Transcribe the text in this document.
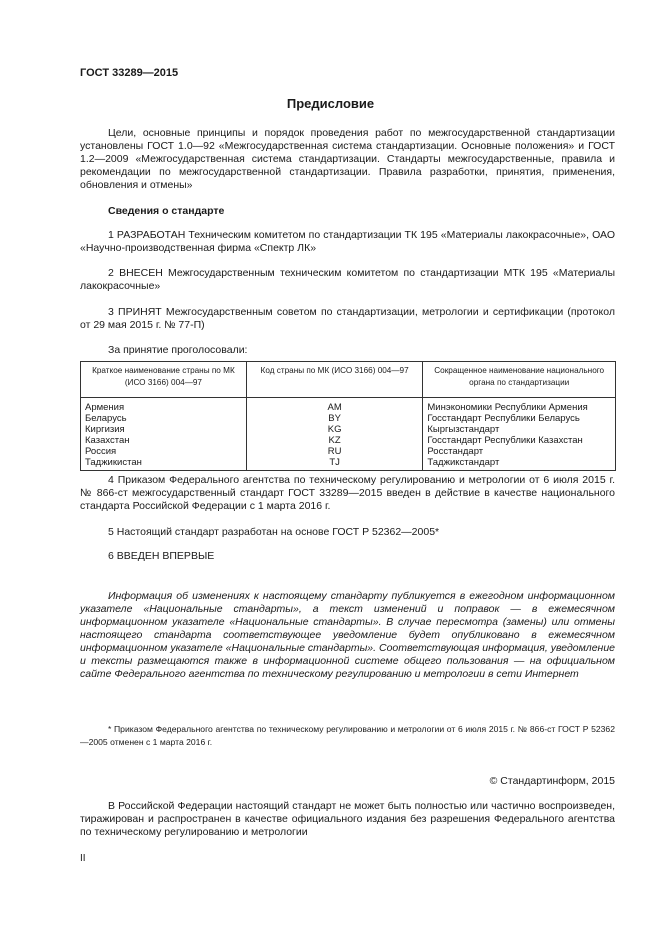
ГОСТ 33289—2015
Предисловие

Цели, основные принципы и порядок проведения работ по межгосударственной стандартизации установлены ГОСТ 1.0—92 «Межгосударственная система стандартизации. Основные положения» и ГОСТ 1.2—2009 «Межгосударственная система стандартизации. Стандарты межгосударственные, правила и рекомендации по межгосударственной стандартизации. Правила разработки, принятия, применения, обновления и отмены»

Сведения о стандарте

1 РАЗРАБОТАН Техническим комитетом по стандартизации ТК 195 «Материалы лакокрасочные», ОАО «Научно-производственная фирма «Спектр ЛК»

2 ВНЕСЕН Межгосударственным техническим комитетом по стандартизации МТК 195 «Материалы лакокрасочные»

3 ПРИНЯТ Межгосударственным советом по стандартизации, метрологии и сертификации (протокол от 29 мая 2015 г. № 77-П)

За принятие проголосовали:

Краткое наименование страны по МК (ИСО 3166) 004—97	Код страны по МК (ИСО 3166) 004—97	Сокращенное наименование национального органа по стандартизации
Армения	AM	Минэкономики Республики Армения
Беларусь	BY	Госстандарт Республики Беларусь
Киргизия	KG	Кыргызстандарт
Казахстан	KZ	Госстандарт Республики Казахстан
Россия	RU	Росстандарт
Таджикистан	TJ	Таджикстандарт

4 Приказом Федерального агентства по техническому регулированию и метрологии от 6 июля 2015 г. № 866-ст межгосударственный стандарт ГОСТ 33289—2015 введен в действие в качестве национального стандарта Российской Федерации с 1 марта 2016 г.

5 Настоящий стандарт разработан на основе ГОСТ Р 52362—2005*

6 ВВЕДЕН ВПЕРВЫЕ

Информация об изменениях к настоящему стандарту публикуется в ежегодном информационном указателе «Национальные стандарты», а текст изменений и поправок — в ежемесячном информационном указателе «Национальные стандарты». В случае пересмотра (замены) или отмены настоящего стандарта соответствующее уведомление будет опубликовано в ежемесячном информационном указателе «Национальные стандарты». Соответствующая информация, уведомление и тексты размещаются также в информационной системе общего пользования — на официальном сайте Федерального агентства по техническому регулированию и метрологии в сети Интернет

* Приказом Федерального агентства по техническому регулированию и метрологии от 6 июля 2015 г. № 866-ст ГОСТ Р 52362—2005 отменен с 1 марта 2016 г.

© Стандартинформ, 2015

В Российской Федерации настоящий стандарт не может быть полностью или частично воспроизведен, тиражирован и распространен в качестве официального издания без разрешения Федерального агентства по техническому регулированию и метрологии

II
